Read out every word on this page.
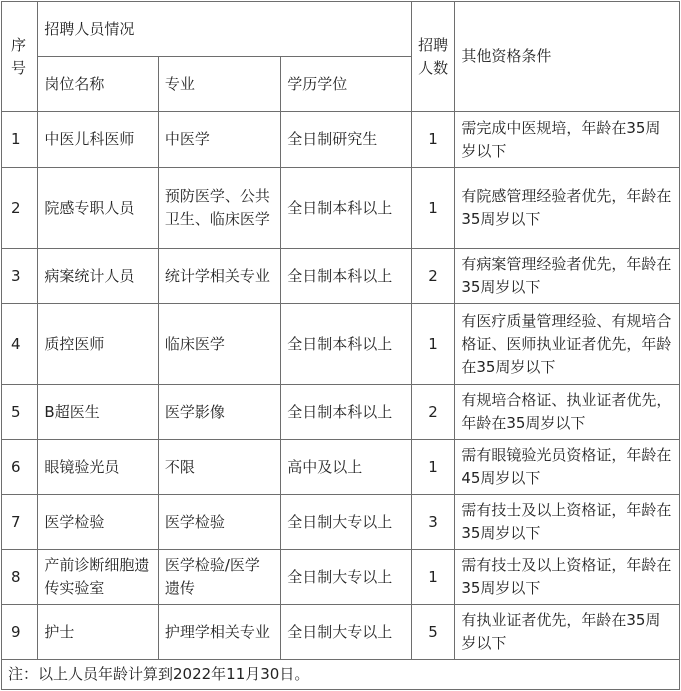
序号	招聘人员情况			招聘人数	其他资格条件
	岗位名称	专业	学历学位		
1	中医儿科医师	中医学	全日制研究生	1	需完成中医规培，年龄在35周岁以下
2	院感专职人员	预防医学、公共卫生、临床医学	全日制本科以上	1	有院感管理经验者优先，年龄在35周岁以下
3	病案统计人员	统计学相关专业	全日制本科以上	2	有病案管理经验者优先，年龄在35周岁以下
4	质控医师	临床医学	全日制本科以上	1	有医疗质量管理经验、有规培合格证、医师执业证者优先，年龄在35周岁以下
5	B超医生	医学影像	全日制本科以上	2	有规培合格证、执业证者优先，年龄在35周岁以下
6	眼镜验光员	不限	高中及以上	1	需有眼镜验光员资格证，年龄在45周岁以下
7	医学检验	医学检验	全日制大专以上	3	需有技士及以上资格证，年龄在35周岁以下
8	产前诊断细胞遗传实验室	医学检验/医学遗传	全日制大专以上	1	需有技士及以上资格证，年龄在35周岁以下
9	护士	护理学相关专业	全日制大专以上	5	有执业证者优先，年龄在35周岁以下
注：以上人员年龄计算到2022年11月30日。					
